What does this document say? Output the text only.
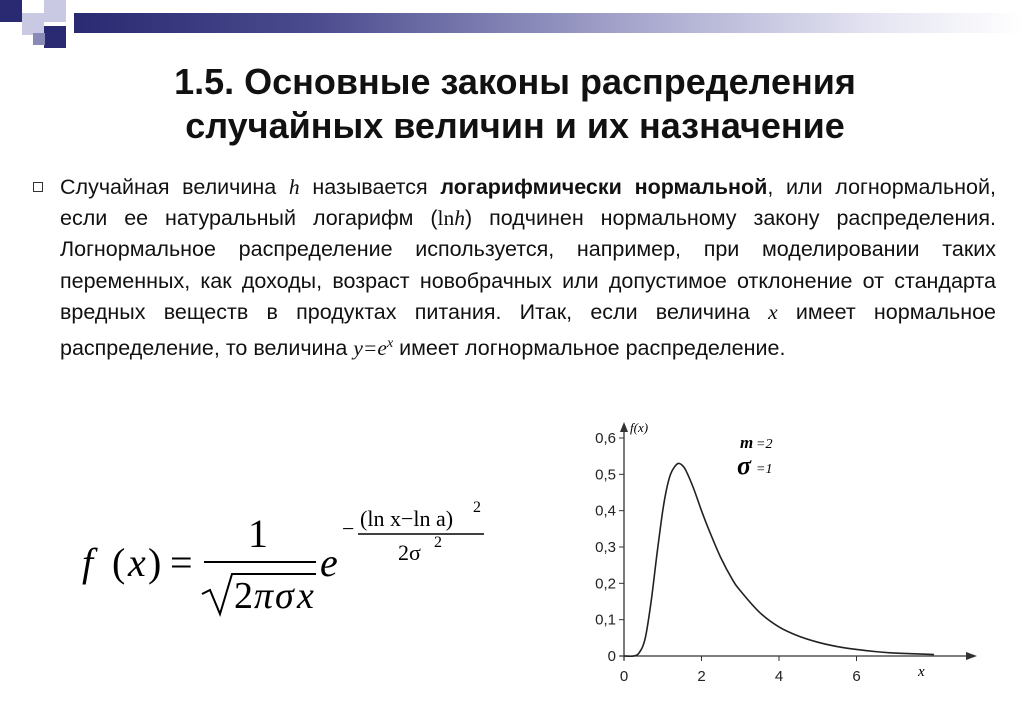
1.5. Основные законы распределения
случайных величин и их назначение
Случайная величина h называется логарифмически нормальной, или логнормальной, если ее натуральный логарифм (lnh) подчинен нормальному закону распределения. Логнормальное распределение используется, например, при моделировании таких переменных, как доходы, возраст новобрачных или допустимое отклонение от стандарта вредных веществ в продуктах питания. Итак, если величина x имеет нормальное распределение, то величина $y=e^x$ имеет логнормальное распределение.
f ( x ) =
1
2 π σ x
e
− (ln x−ln a) 2
2σ 2
0
0,1
0,2
0,3
0,4
0,5
0,6
0	2	4	6
f(x)
x
m =2
σ =1
